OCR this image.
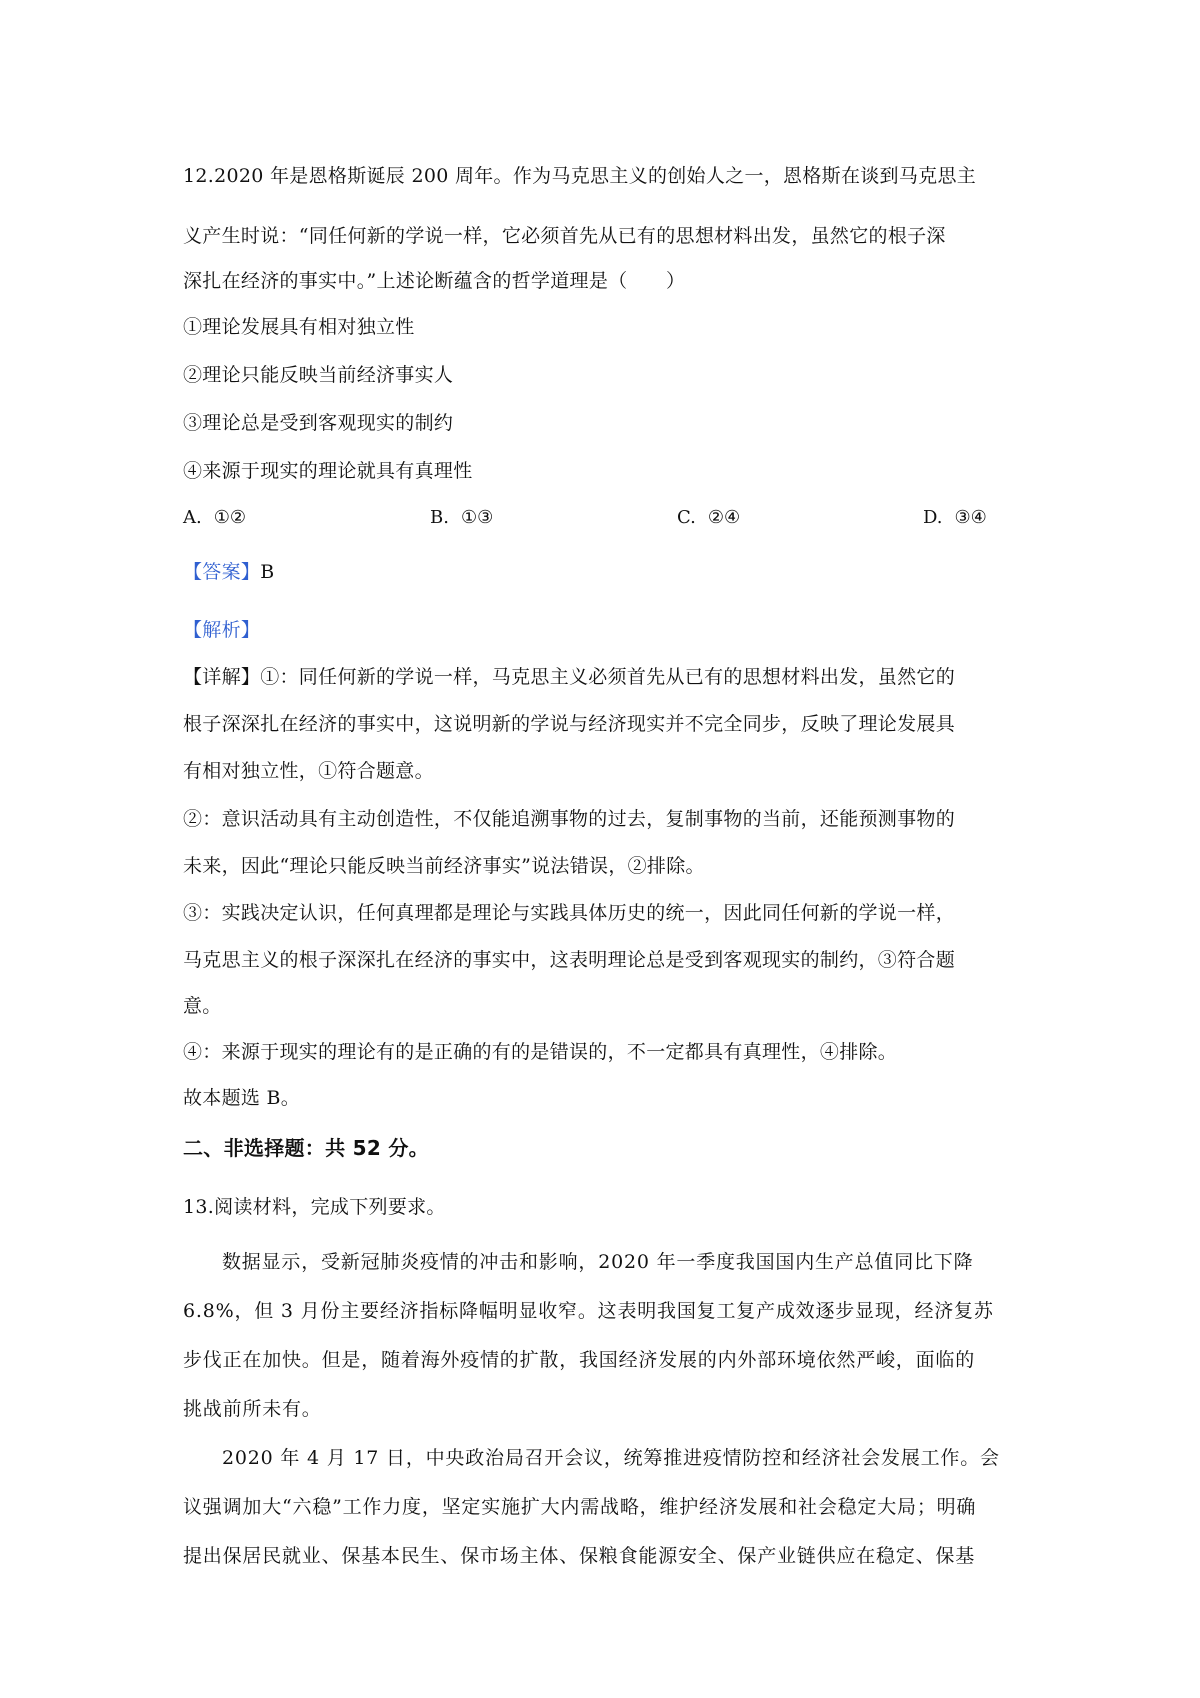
12.2020 年是恩格斯诞辰 200 周年。作为马克思主义的创始人之一，恩格斯在谈到马克思主
义产生时说：“同任何新的学说一样，它必须首先从已有的思想材料出发，虽然它的根子深
深扎在经济的事实中。”上述论断蕴含的哲学道理是（　　）
①理论发展具有相对独立性
②理论只能反映当前经济事实人
③理论总是受到客观现实的制约
④来源于现实的理论就具有真理性
A. ①②	B. ①③	C. ②④	D. ③④
【答案】B
【解析】
【详解】①：同任何新的学说一样，马克思主义必须首先从已有的思想材料出发，虽然它的
根子深深扎在经济的事实中，这说明新的学说与经济现实并不完全同步，反映了理论发展具
有相对独立性，①符合题意。
②：意识活动具有主动创造性，不仅能追溯事物的过去，复制事物的当前，还能预测事物的
未来，因此“理论只能反映当前经济事实”说法错误，②排除。
③：实践决定认识，任何真理都是理论与实践具体历史的统一，因此同任何新的学说一样，
马克思主义的根子深深扎在经济的事实中，这表明理论总是受到客观现实的制约，③符合题
意。
④：来源于现实的理论有的是正确的有的是错误的，不一定都具有真理性，④排除。
故本题选 B。
二、非选择题：共 52 分。
13.阅读材料，完成下列要求。
数据显示，受新冠肺炎疫情的冲击和影响，2020 年一季度我国国内生产总值同比下降
6.8%，但 3 月份主要经济指标降幅明显收窄。这表明我国复工复产成效逐步显现，经济复苏
步伐正在加快。但是，随着海外疫情的扩散，我国经济发展的内外部环境依然严峻，面临的
挑战前所未有。
2020 年 4 月 17 日，中央政治局召开会议，统筹推进疫情防控和经济社会发展工作。会
议强调加大“六稳”工作力度，坚定实施扩大内需战略，维护经济发展和社会稳定大局；明确
提出保居民就业、保基本民生、保市场主体、保粮食能源安全、保产业链供应在稳定、保基
